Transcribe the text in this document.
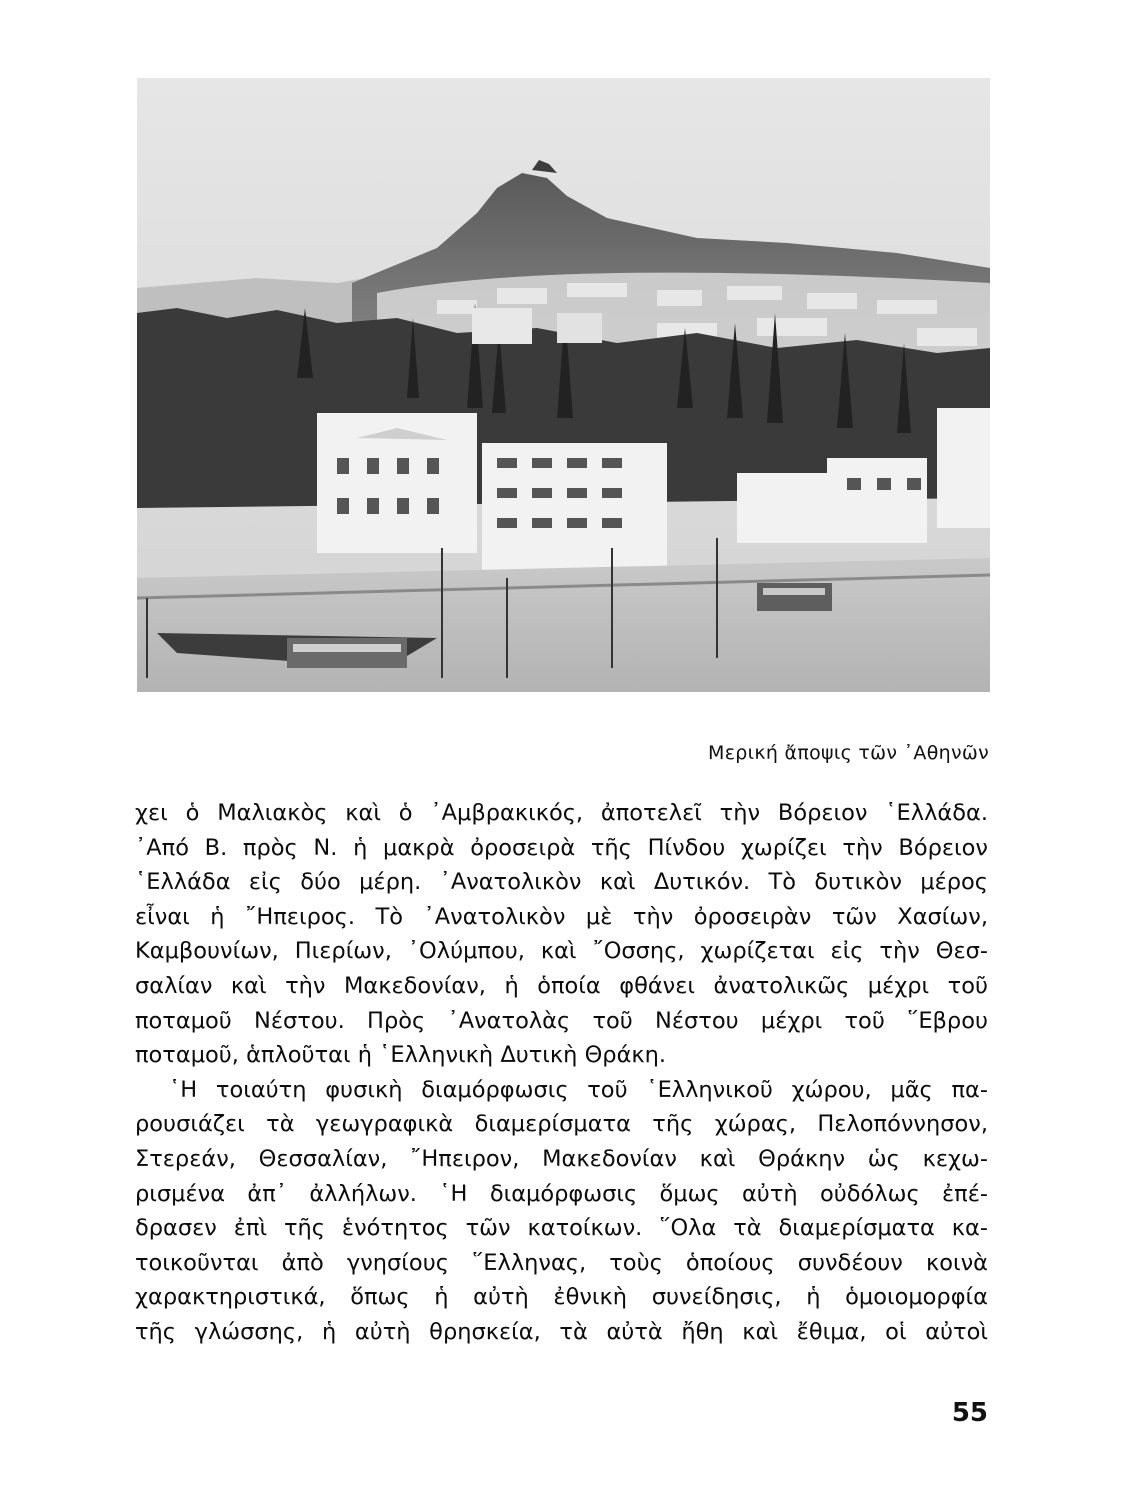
Μερική ἄποψις τῶν ᾿Αθηνῶν
χει ὁ Μαλιακὸς καὶ ὁ ᾿Αμβρακικός, ἀποτελεῖ τὴν Βόρειον ῾Ελλάδα.
᾿Από Β. πρὸς Ν. ἡ μακρὰ ὀροσειρὰ τῆς Πίνδου χωρίζει τὴν Βόρειον
῾Ελλάδα εἰς δύο μέρη. ᾿Ανατολικὸν καὶ Δυτικόν. Τὸ δυτικὸν μέρος
εἶναι ἡ ῎Ηπειρος. Τὸ ᾿Ανατολικὸν μὲ τὴν ὀροσειρὰν τῶν Χασίων,
Καμβουνίων, Πιερίων, ᾿Ολύμπου, καὶ ῎Οσσης, χωρίζεται εἰς τὴν Θεσ-
σαλίαν καὶ τὴν Μακεδονίαν, ἡ ὁποία φθάνει ἀνατολικῶς μέχρι τοῦ
ποταμοῦ Νέστου. Πρὸς ᾿Ανατολὰς τοῦ Νέστου μέχρι τοῦ ῞Εβρου
ποταμοῦ, ἁπλοῦται ἡ ῾Ελληνικὴ Δυτικὴ Θράκη.
῾Η τοιαύτη φυσικὴ διαμόρφωσις τοῦ ῾Ελληνικοῦ χώρου, μᾶς πα-
ρουσιάζει τὰ γεωγραφικὰ διαμερίσματα τῆς χώρας, Πελοπόννησον,
Στερεάν, Θεσσαλίαν, ῎Ηπειρον, Μακεδονίαν καὶ Θράκην ὡς κεχω-
ρισμένα ἀπ᾿ ἀλλήλων. ῾Η διαμόρφωσις ὅμως αὐτὴ οὐδόλως ἐπέ-
δρασεν ἐπὶ τῆς ἑνότητος τῶν κατοίκων. ῞Ολα τὰ διαμερίσματα κα-
τοικοῦνται ἀπὸ γνησίους ῞Ελληνας, τοὺς ὁποίους συνδέουν κοινὰ
χαρακτηριστικά, ὅπως ἡ αὐτὴ ἐθνικὴ συνείδησις, ἡ ὁμοιομορφία
τῆς γλώσσης, ἡ αὐτὴ θρησκεία, τὰ αὐτὰ ἤθη καὶ ἔθιμα, οἱ αὐτοὶ
55
